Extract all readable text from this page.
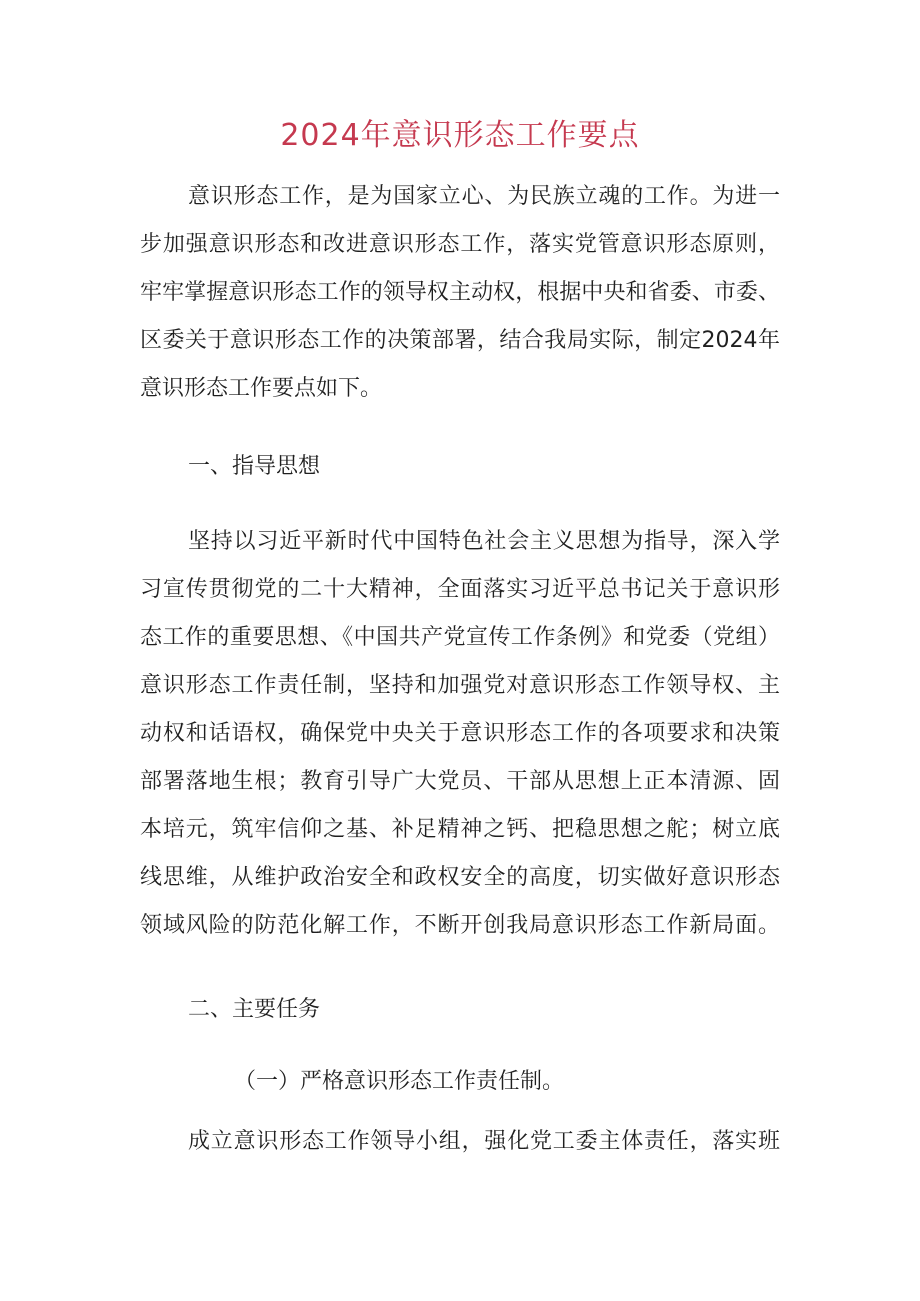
2024年意识形态工作要点
意识形态工作，是为国家立心、为民族立魂的工作。为进一
步加强意识形态和改进意识形态工作，落实党管意识形态原则，
牢牢掌握意识形态工作的领导权主动权，根据中央和省委、市委、
区委关于意识形态工作的决策部署，结合我局实际，制定2024年
意识形态工作要点如下。
一、指导思想
坚持以习近平新时代中国特色社会主义思想为指导，深入学
习宣传贯彻党的二十大精神，全面落实习近平总书记关于意识形
态工作的重要思想、《中国共产党宣传工作条例》和党委（党组）
意识形态工作责任制，坚持和加强党对意识形态工作领导权、主
动权和话语权，确保党中央关于意识形态工作的各项要求和决策
部署落地生根；教育引导广大党员、干部从思想上正本清源、固
本培元，筑牢信仰之基、补足精神之钙、把稳思想之舵；树立底
线思维，从维护政治安全和政权安全的高度，切实做好意识形态
领域风险的防范化解工作，不断开创我局意识形态工作新局面。
二、主要任务
（一）严格意识形态工作责任制。
成立意识形态工作领导小组，强化党工委主体责任，落实班
